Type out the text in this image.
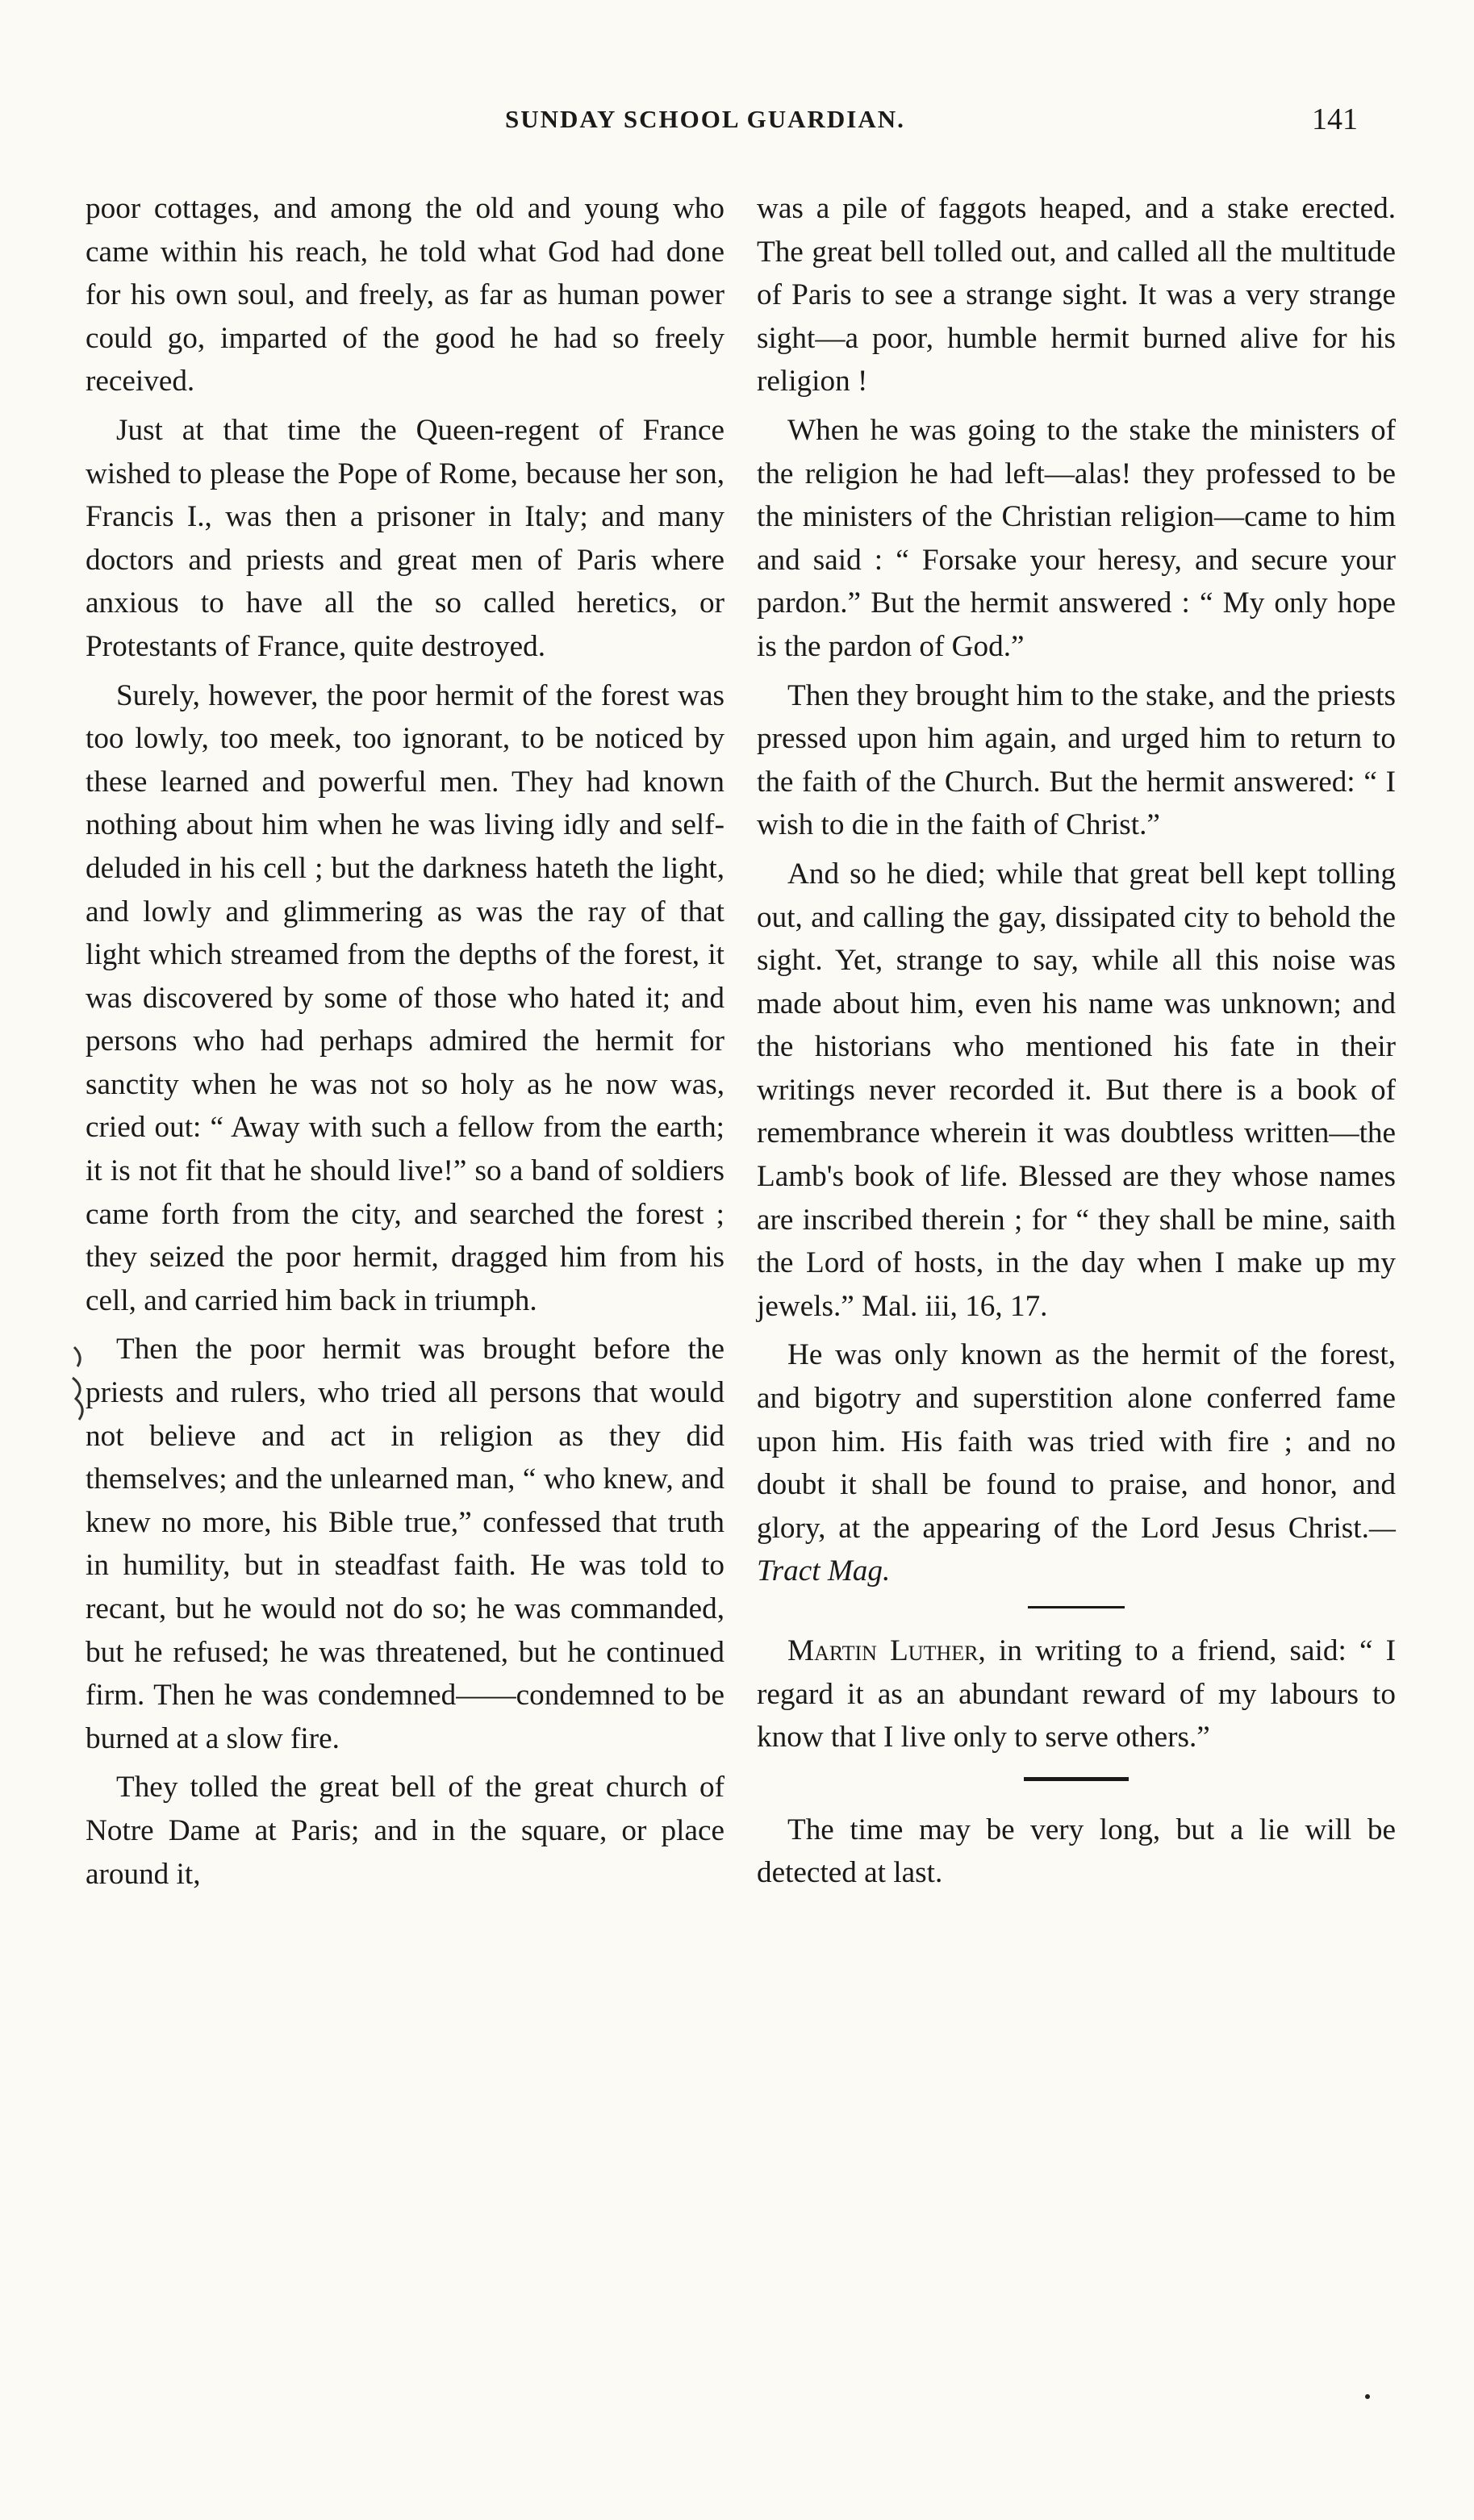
SUNDAY SCHOOL GUARDIAN.	141

poor cottages, and among the old and young who came within his reach, he told what God had done for his own soul, and freely, as far as human power could go, imparted of the good he had so freely received.

Just at that time the Queen-regent of France wished to please the Pope of Rome, because her son, Francis I., was then a prisoner in Italy; and many doctors and priests and great men of Paris where anxious to have all the so called heretics, or Protestants of France, quite destroyed.

Surely, however, the poor hermit of the forest was too lowly, too meek, too ignorant, to be noticed by these learned and powerful men. They had known nothing about him when he was living idly and self-deluded in his cell ; but the darkness hateth the light, and lowly and glimmering as was the ray of that light which streamed from the depths of the forest, it was discovered by some of those who hated it; and persons who had perhaps admired the hermit for sanctity when he was not so holy as he now was, cried out: “ Away with such a fellow from the earth; it is not fit that he should live!” so a band of soldiers came forth from the city, and searched the forest ; they seized the poor hermit, dragged him from his cell, and carried him back in triumph.

Then the poor hermit was brought before the priests and rulers, who tried all persons that would not believe and act in religion as they did themselves; and the unlearned man, “ who knew, and knew no more, his Bible true,” confessed that truth in humility, but in steadfast faith. He was told to recant, but he would not do so; he was commanded, but he refused; he was threatened, but he continued firm. Then he was condemned——condemned to be burned at a slow fire.

They tolled the great bell of the great church of Notre Dame at Paris; and in the square, or place around it,

was a pile of faggots heaped, and a stake erected. The great bell tolled out, and called all the multitude of Paris to see a strange sight. It was a very strange sight—a poor, humble hermit burned alive for his religion !

When he was going to the stake the ministers of the religion he had left—alas! they professed to be the ministers of the Christian religion—came to him and said : “ Forsake your heresy, and secure your pardon.” But the hermit answered : “ My only hope is the pardon of God.”

Then they brought him to the stake, and the priests pressed upon him again, and urged him to return to the faith of the Church. But the hermit answered: “ I wish to die in the faith of Christ.”

And so he died; while that great bell kept tolling out, and calling the gay, dissipated city to behold the sight. Yet, strange to say, while all this noise was made about him, even his name was unknown; and the historians who mentioned his fate in their writings never recorded it. But there is a book of remembrance wherein it was doubtless written—the Lamb's book of life. Blessed are they whose names are inscribed therein ; for “ they shall be mine, saith the Lord of hosts, in the day when I make up my jewels.” Mal. iii, 16, 17.

He was only known as the hermit of the forest, and bigotry and superstition alone conferred fame upon him. His faith was tried with fire ; and no doubt it shall be found to praise, and honor, and glory, at the appearing of the Lord Jesus Christ.—Tract Mag.

Martin Luther, in writing to a friend, said: “ I regard it as an abundant reward of my labours to know that I live only to serve others.”

The time may be very long, but a lie will be detected at last.
